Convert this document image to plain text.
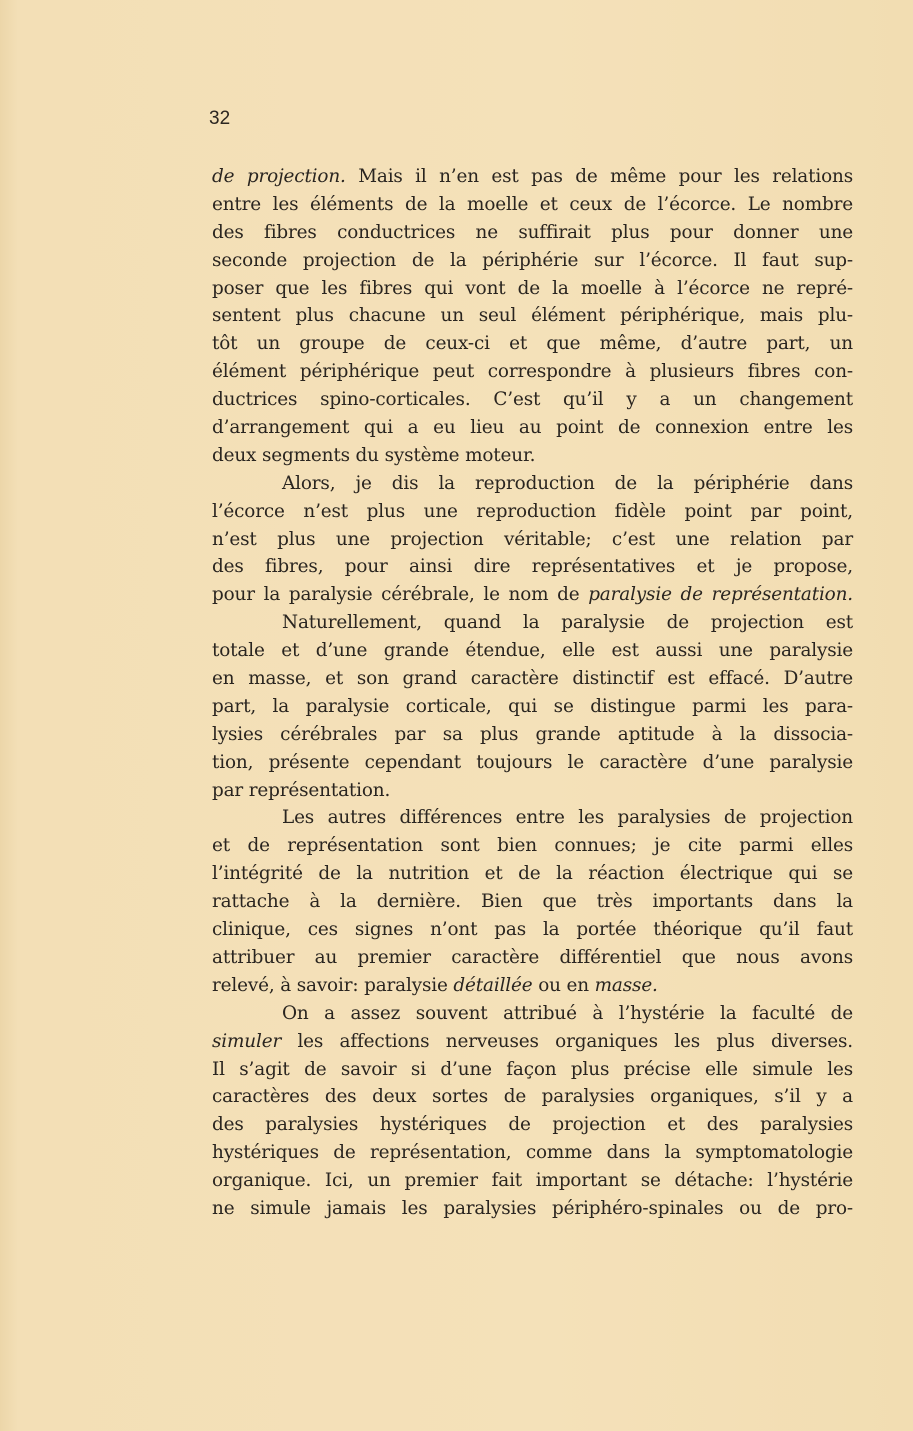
32
de projection. Mais il n’en est pas de même pour les relations
entre les éléments de la moelle et ceux de l’écorce. Le nombre
des fibres conductrices ne suffirait plus pour donner une
seconde projection de la périphérie sur l’écorce. Il faut sup-
poser que les fibres qui vont de la moelle à l’écorce ne repré-
sentent plus chacune un seul élément périphérique, mais plu-
tôt un groupe de ceux-ci et que même, d’autre part, un
élément périphérique peut correspondre à plusieurs fibres con-
ductrices spino-corticales. C’est qu’il y a un changement
d’arrangement qui a eu lieu au point de connexion entre les
deux segments du système moteur.
Alors, je dis la reproduction de la périphérie dans
l’écorce n’est plus une reproduction fidèle point par point,
n’est plus une projection véritable; c’est une relation par
des fibres, pour ainsi dire représentatives et je propose,
pour la paralysie cérébrale, le nom de paralysie de représentation.
Naturellement, quand la paralysie de projection est
totale et d’une grande étendue, elle est aussi une paralysie
en masse, et son grand caractère distinctif est effacé. D’autre
part, la paralysie corticale, qui se distingue parmi les para-
lysies cérébrales par sa plus grande aptitude à la dissocia-
tion, présente cependant toujours le caractère d’une paralysie
par représentation.
Les autres différences entre les paralysies de projection
et de représentation sont bien connues; je cite parmi elles
l’intégrité de la nutrition et de la réaction électrique qui se
rattache à la dernière. Bien que très importants dans la
clinique, ces signes n’ont pas la portée théorique qu’il faut
attribuer au premier caractère différentiel que nous avons
relevé, à savoir: paralysie détaillée ou en masse.
On a assez souvent attribué à l’hystérie la faculté de
simuler les affections nerveuses organiques les plus diverses.
Il s’agit de savoir si d’une façon plus précise elle simule les
caractères des deux sortes de paralysies organiques, s’il y a
des paralysies hystériques de projection et des paralysies
hystériques de représentation, comme dans la symptomatologie
organique. Ici, un premier fait important se détache: l’hystérie
ne simule jamais les paralysies périphéro-spinales ou de pro-
